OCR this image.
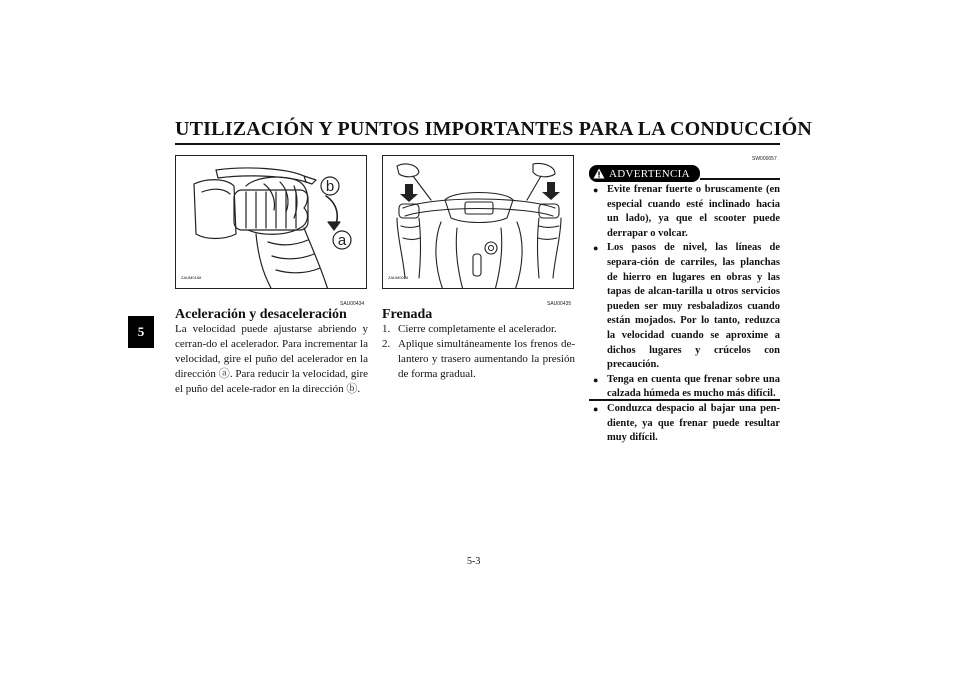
UTILIZACIÓN Y PUNTOS IMPORTANTES PARA LA CONDUCCIÓN
5
b
a
ZAUM0168	ZAUM0026
SAU00434
Aceleración y desaceleración
La velocidad puede ajustarse abriendo y cerran-do el acelerador. Para incrementar la velocidad, gire el puño del acelerador en la dirección ⓐ. Para reducir la velocidad, gire el puño del acele-rador en la dirección ⓑ.
SAU00435
Frenada
1. Cierre completamente el acelerador.
2. Aplique simultáneamente los frenos de-lantero y trasero aumentando la presión de forma gradual.
SW000057
ADVERTENCIA
● Evite frenar fuerte o bruscamente (en especial cuando esté inclinado hacia un lado), ya que el scooter puede derrapar o volcar.
● Los pasos de nivel, las líneas de separa-ción de carriles, las planchas de hierro en lugares en obras y las tapas de alcan-tarilla u otros servicios pueden ser muy resbaladizos cuando están mojados. Por lo tanto, reduzca la velocidad cuando se aproxime a dichos lugares y crúcelos con precaución.
● Tenga en cuenta que frenar sobre una calzada húmeda es mucho más difícil.
● Conduzca despacio al bajar una pen-diente, ya que frenar puede resultar muy difícil.
5-3
